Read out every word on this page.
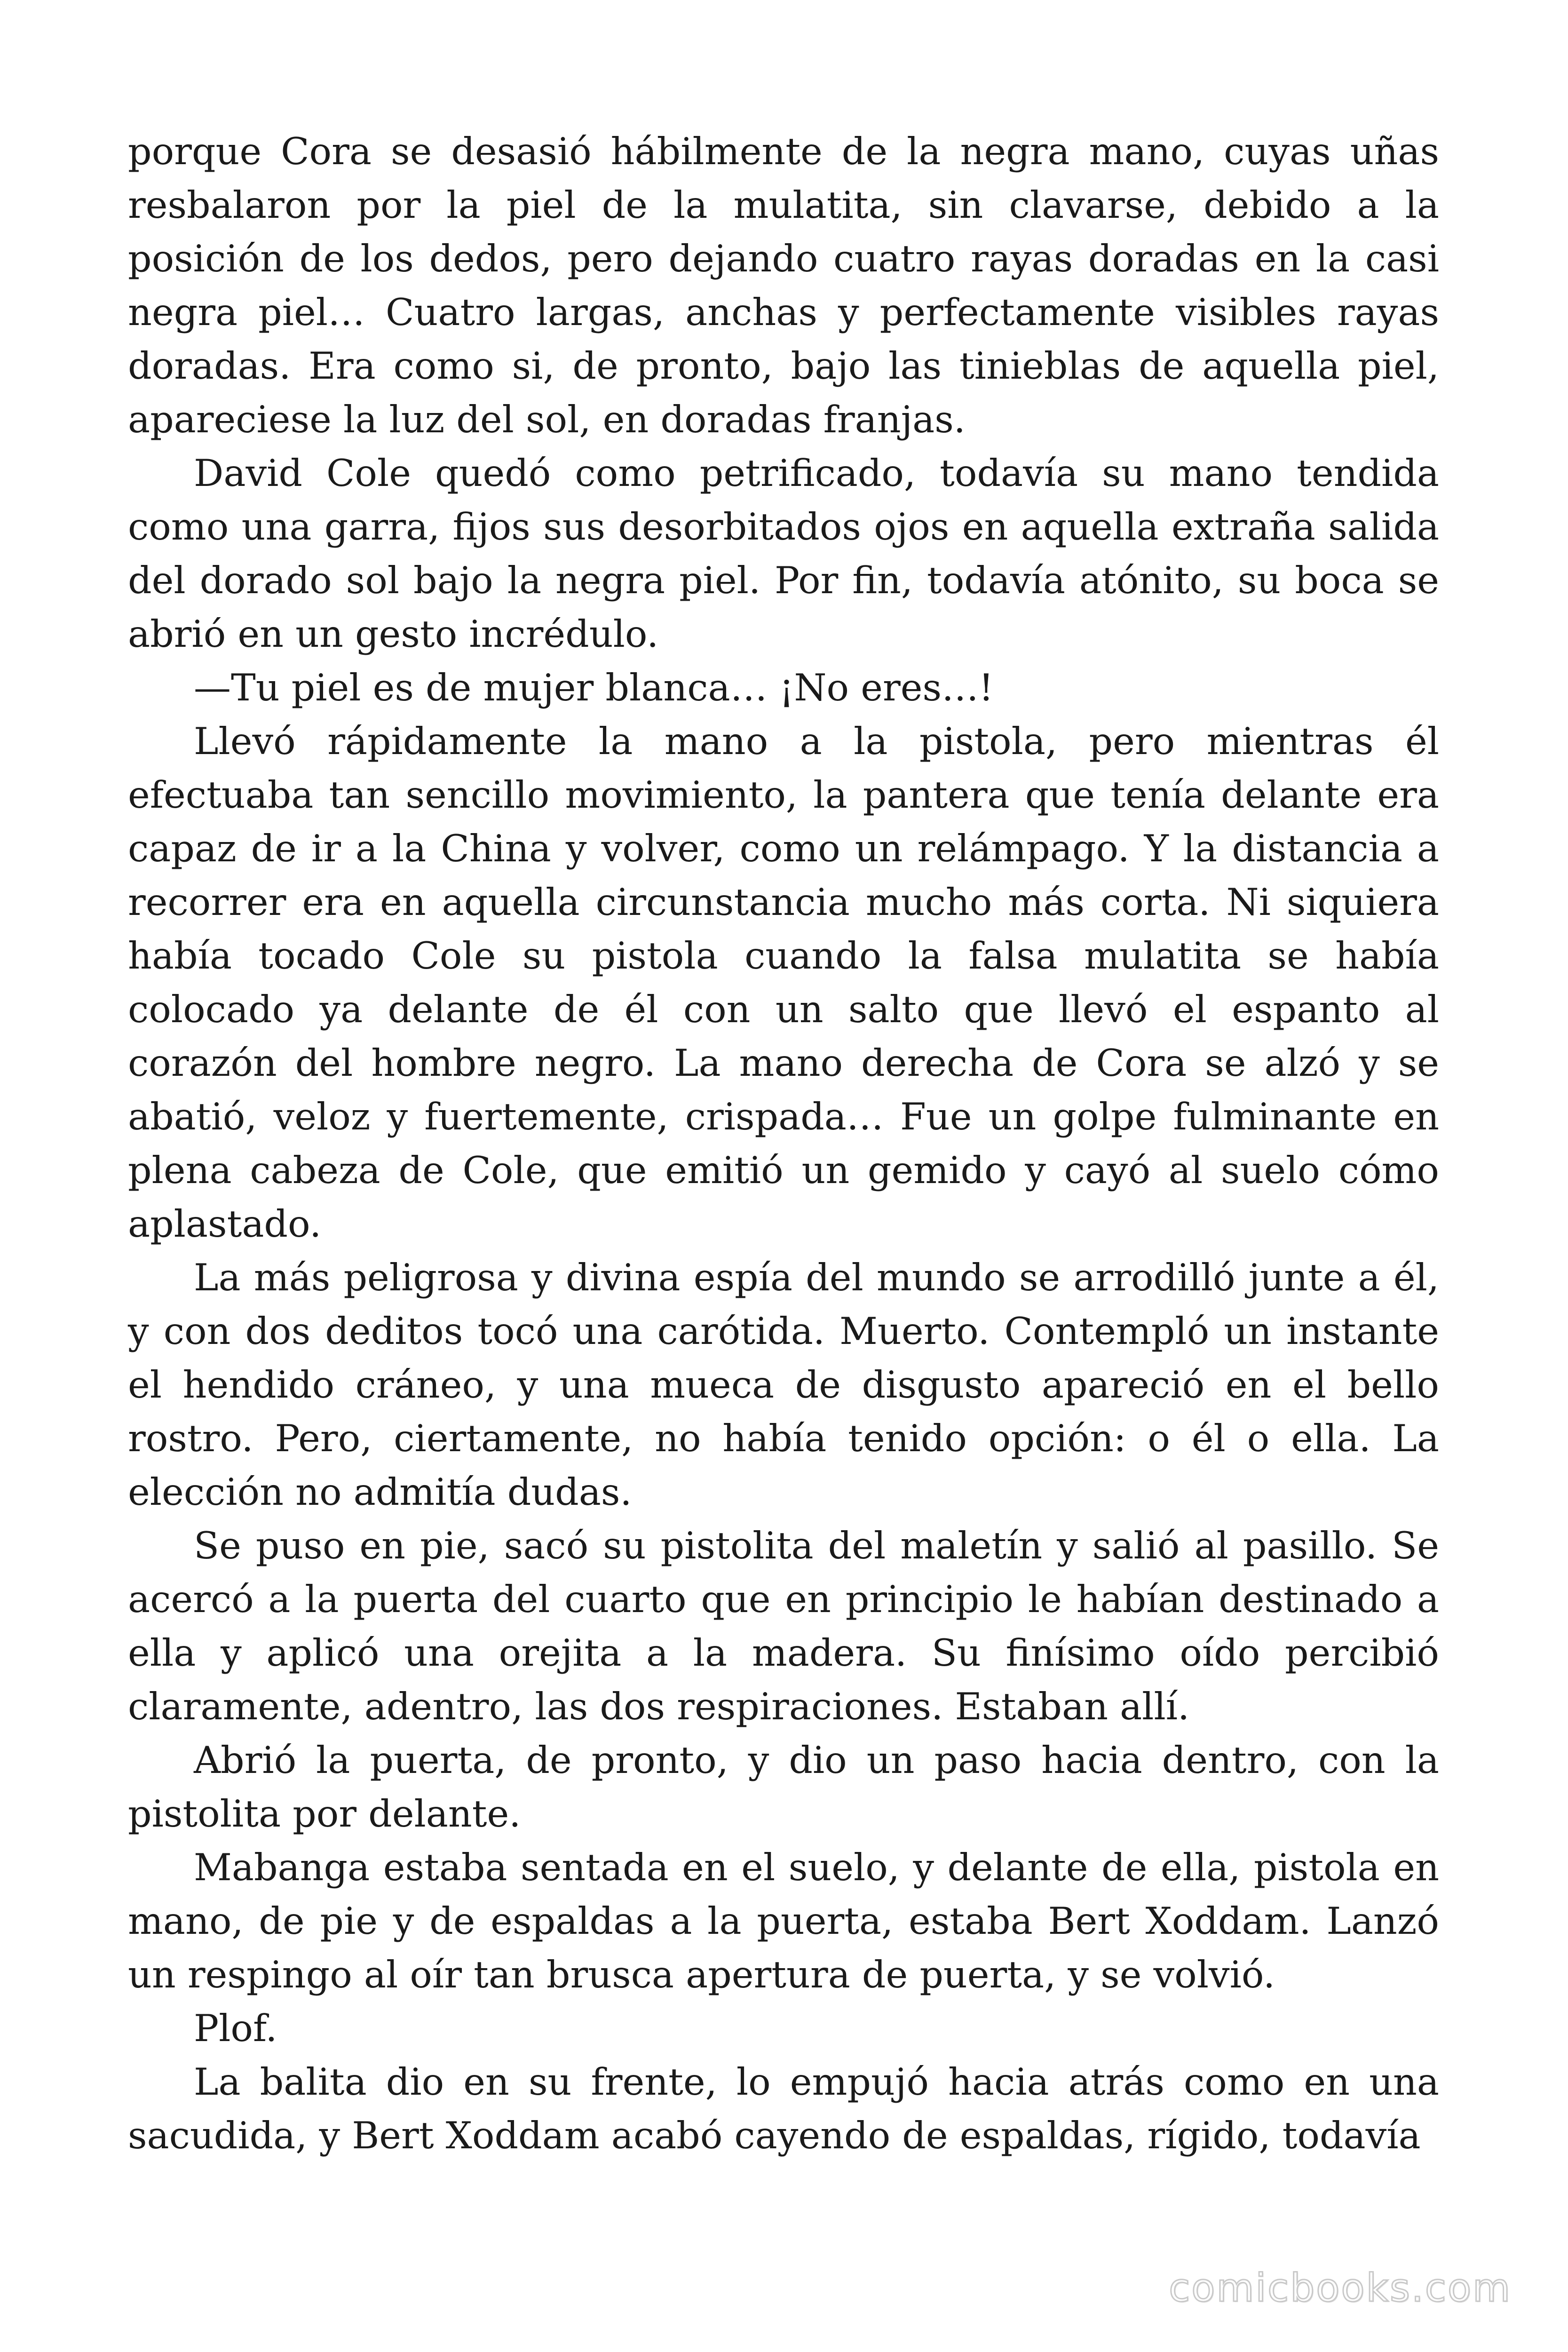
porque Cora se desasió hábilmente de la negra mano, cuyas uñas resbalaron por la piel de la mulatita, sin clavarse, debido a la posición de los dedos, pero dejando cuatro rayas doradas en la casi negra piel… Cuatro largas, anchas y perfectamente visibles rayas doradas. Era como si, de pronto, bajo las tinieblas de aquella piel, apareciese la luz del sol, en doradas franjas.

David Cole quedó como petrificado, todavía su mano tendida como una garra, fijos sus desorbitados ojos en aquella extraña salida del dorado sol bajo la negra piel. Por fin, todavía atónito, su boca se abrió en un gesto incrédulo.

—Tu piel es de mujer blanca… ¡No eres…!

Llevó rápidamente la mano a la pistola, pero mientras él efectuaba tan sencillo movimiento, la pantera que tenía delante era capaz de ir a la China y volver, como un relámpago. Y la distancia a recorrer era en aquella circunstancia mucho más corta. Ni siquiera había tocado Cole su pistola cuando la falsa mulatita se había colocado ya delante de él con un salto que llevó el espanto al corazón del hombre negro. La mano derecha de Cora se alzó y se abatió, veloz y fuertemente, crispada… Fue un golpe fulminante en plena cabeza de Cole, que emitió un gemido y cayó al suelo cómo aplastado.

La más peligrosa y divina espía del mundo se arrodilló junte a él, y con dos deditos tocó una carótida. Muerto. Contempló un instante el hendido cráneo, y una mueca de disgusto apareció en el bello rostro. Pero, ciertamente, no había tenido opción: o él o ella. La elección no admitía dudas.

Se puso en pie, sacó su pistolita del maletín y salió al pasillo. Se acercó a la puerta del cuarto que en principio le habían destinado a ella y aplicó una orejita a la madera. Su finísimo oído percibió claramente, adentro, las dos respiraciones. Estaban allí.

Abrió la puerta, de pronto, y dio un paso hacia dentro, con la pistolita por delante.

Mabanga estaba sentada en el suelo, y delante de ella, pistola en mano, de pie y de espaldas a la puerta, estaba Bert Xoddam. Lanzó un respingo al oír tan brusca apertura de puerta, y se volvió.

Plof.

La balita dio en su frente, lo empujó hacia atrás como en una sacudida, y Bert Xoddam acabó cayendo de espaldas, rígido, todavía

comicbooks.com
